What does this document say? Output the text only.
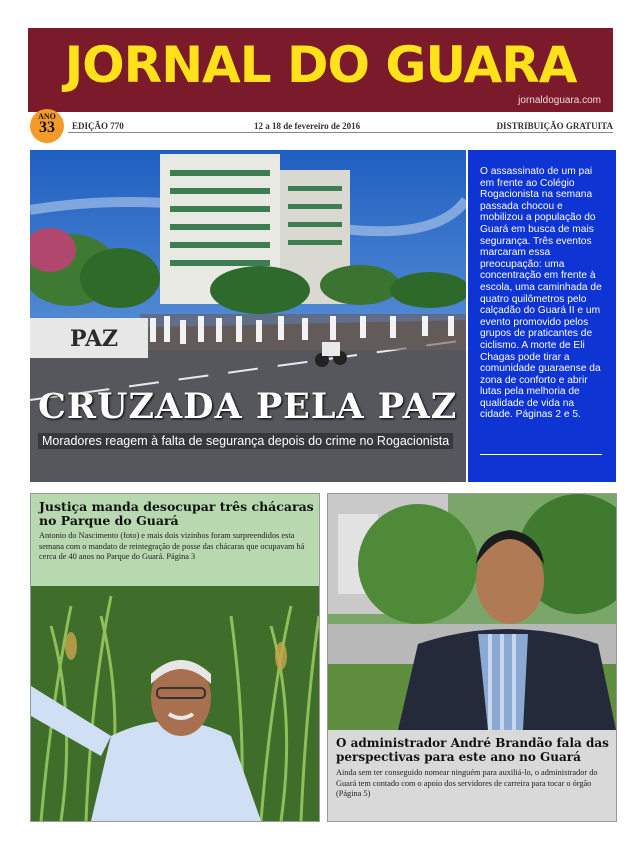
JORNAL DO GUARA
jornaldoguara.com
ANO
33	EDIÇÃO 770	12 a 18 de fevereiro de 2016	DISTRIBUIÇÃO GRATUITA
PAZ
CRUZADA PELA PAZ
Moradores reagem à falta de segurança depois do crime no Rogacionista

O assassinato de um pai em frente ao Colégio Rogacionista na semana passada chocou e mobilizou a população do Guará em busca de mais segurança. Três eventos marcaram essa preocupação: uma concentração em frente à escola, uma caminhada de quatro quilômetros pelo calçadão do Guará II e um evento promovido pelos grupos de praticantes de ciclismo. A morte de Eli Chagas pode tirar a comunidade guaraense da zona de conforto e abrir lutas pela melhoria de qualidade de vida na cidade. Páginas 2 e 5.

Justiça manda desocupar três chácaras no Parque do Guará

Antonio do Nascimento (foto) e mais dois vizinhos foram surpreendidos esta semana com o mandato de reintegração de posse das chácaras que ocupavam há cerca de 40 anos no Parque do Guará. Página 3

O administrador André Brandão fala das perspectivas para este ano no Guará

Ainda sem ter conseguido nomear ninguém para auxiliá-lo, o administrador do Guará tem contado com o apoio dos servidores de carreira para tocar o órgão (Página 5)
